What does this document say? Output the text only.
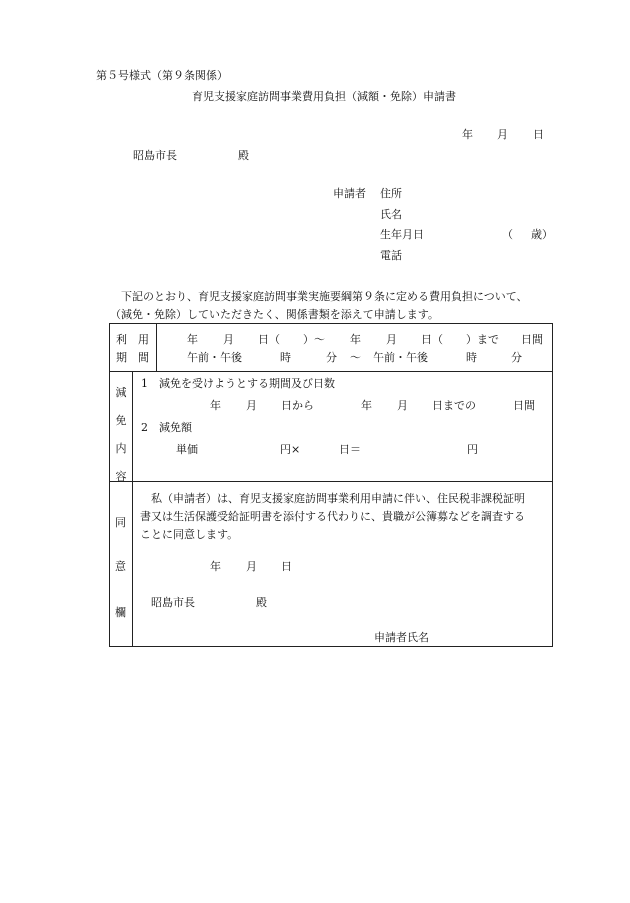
第５号様式（第９条関係）
育児支援家庭訪問事業費用負担（減額・免除）申請書
年 月 日
昭島市長	殿
申請者 住所
氏名
生年月日	（ 歳）
電話
下記のとおり、育児支援家庭訪問事業実施要綱第９条に定める費用負担について、
（減免・免除）していただきたく、関係書類を添えて申請します。
利 用
期 間
年 月 日（ ）～ 年 月 日（ ）まで 日間
午前・午後	時	分 ～ 午前・午後	時	分
減
免
内
容
1　減免を受けようとする期間及び日数
年 月 日から	年 月 日までの	日間
2　減免額
単価	円×	日＝	円
同
意
欄
私（申請者）は、育児支援家庭訪問事業利用申請に伴い、住民税非課税証明
書又は生活保護受給証明書を添付する代わりに、貴職が公簿募などを調査する
ことに同意します。
年 月 日
昭島市長	殿
申請者氏名
